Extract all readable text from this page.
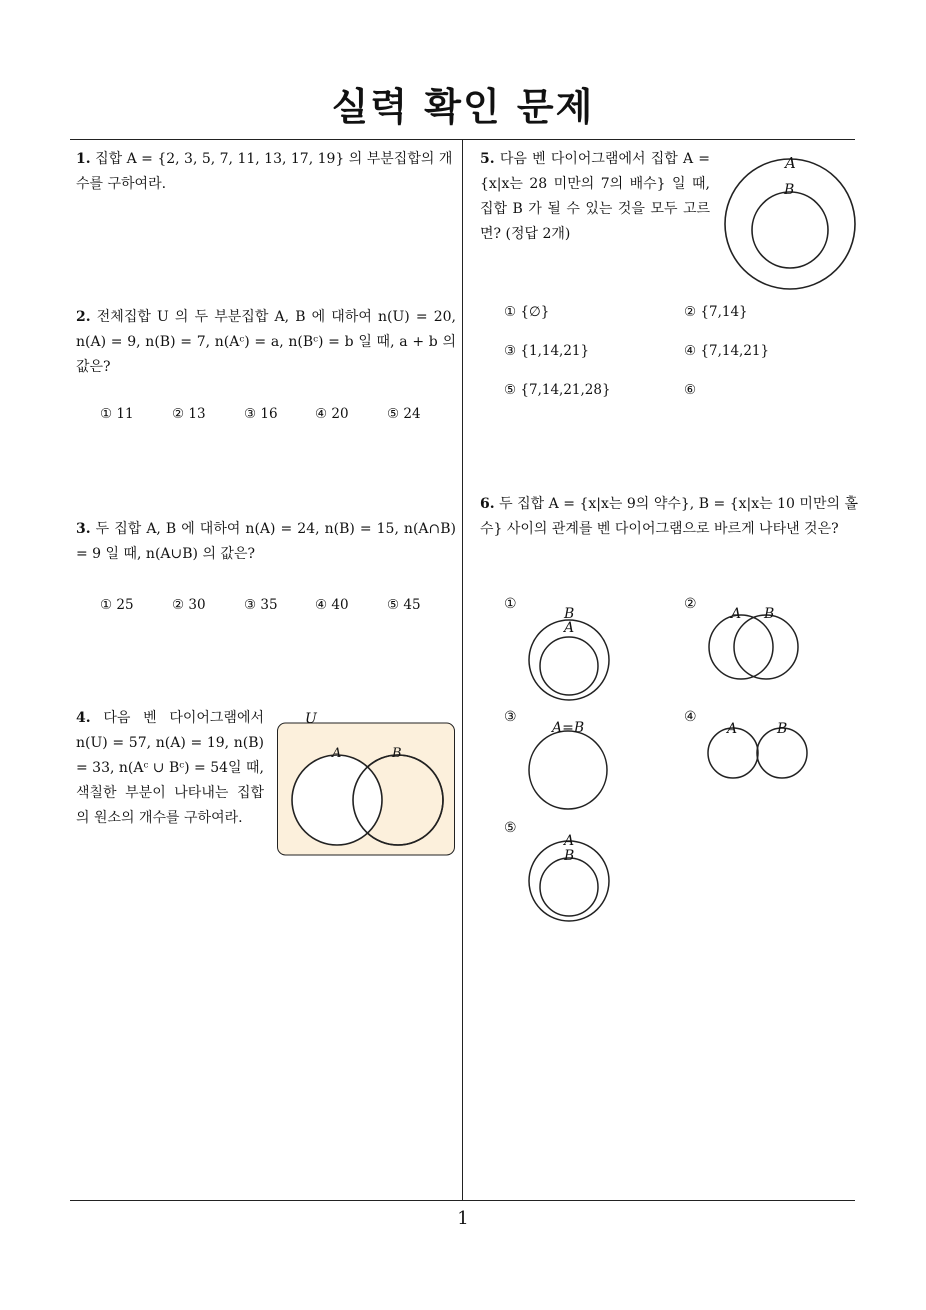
실력 확인 문제
1. 집합 A = {2, 3, 5, 7, 11, 13, 17, 19} 의 부분집합의 개수를 구하여라.
2. 전체집합 U 의 두 부분집합 A, B 에 대하여 n(U) = 20, n(A) = 9, n(B) = 7, n(Aᶜ) = a, n(Bᶜ) = b 일 때, a + b 의 값은?
① 11	② 13	③ 16	④ 20	⑤ 24
3. 두 집합 A, B 에 대하여 n(A) = 24, n(B) = 15, n(A∩B) = 9 일 때, n(A∪B) 의 값은?
① 25	② 30	③ 35	④ 40	⑤ 45
4. 다음 벤 다이어그램에서 n(U) = 57, n(A) = 19, n(B) = 33, n(Aᶜ ∪ Bᶜ) = 54일 때, 색칠한 부분이 나타내는 집합의 원소의 개수를 구하여라.
U
A	B
5. 다음 벤 다이어그램에서 집합 A = {x|x는 28 미만의 7의 배수} 일 때, 집합 B 가 될 수 있는 것을 모두 고르면? (정답 2개)
A
B
① {∅}	② {7,14}
③ {1,14,21}	④ {7,14,21}
⑤ {7,14,21,28}	⑥
6. 두 집합 A = {x|x는 9의 약수}, B = {x|x는 10 미만의 홀수} 사이의 관계를 벤 다이어그램으로 바르게 나타낸 것은?
①	②
③	④
⑤
B
A
A B
A=B	A	B
A
B
1
